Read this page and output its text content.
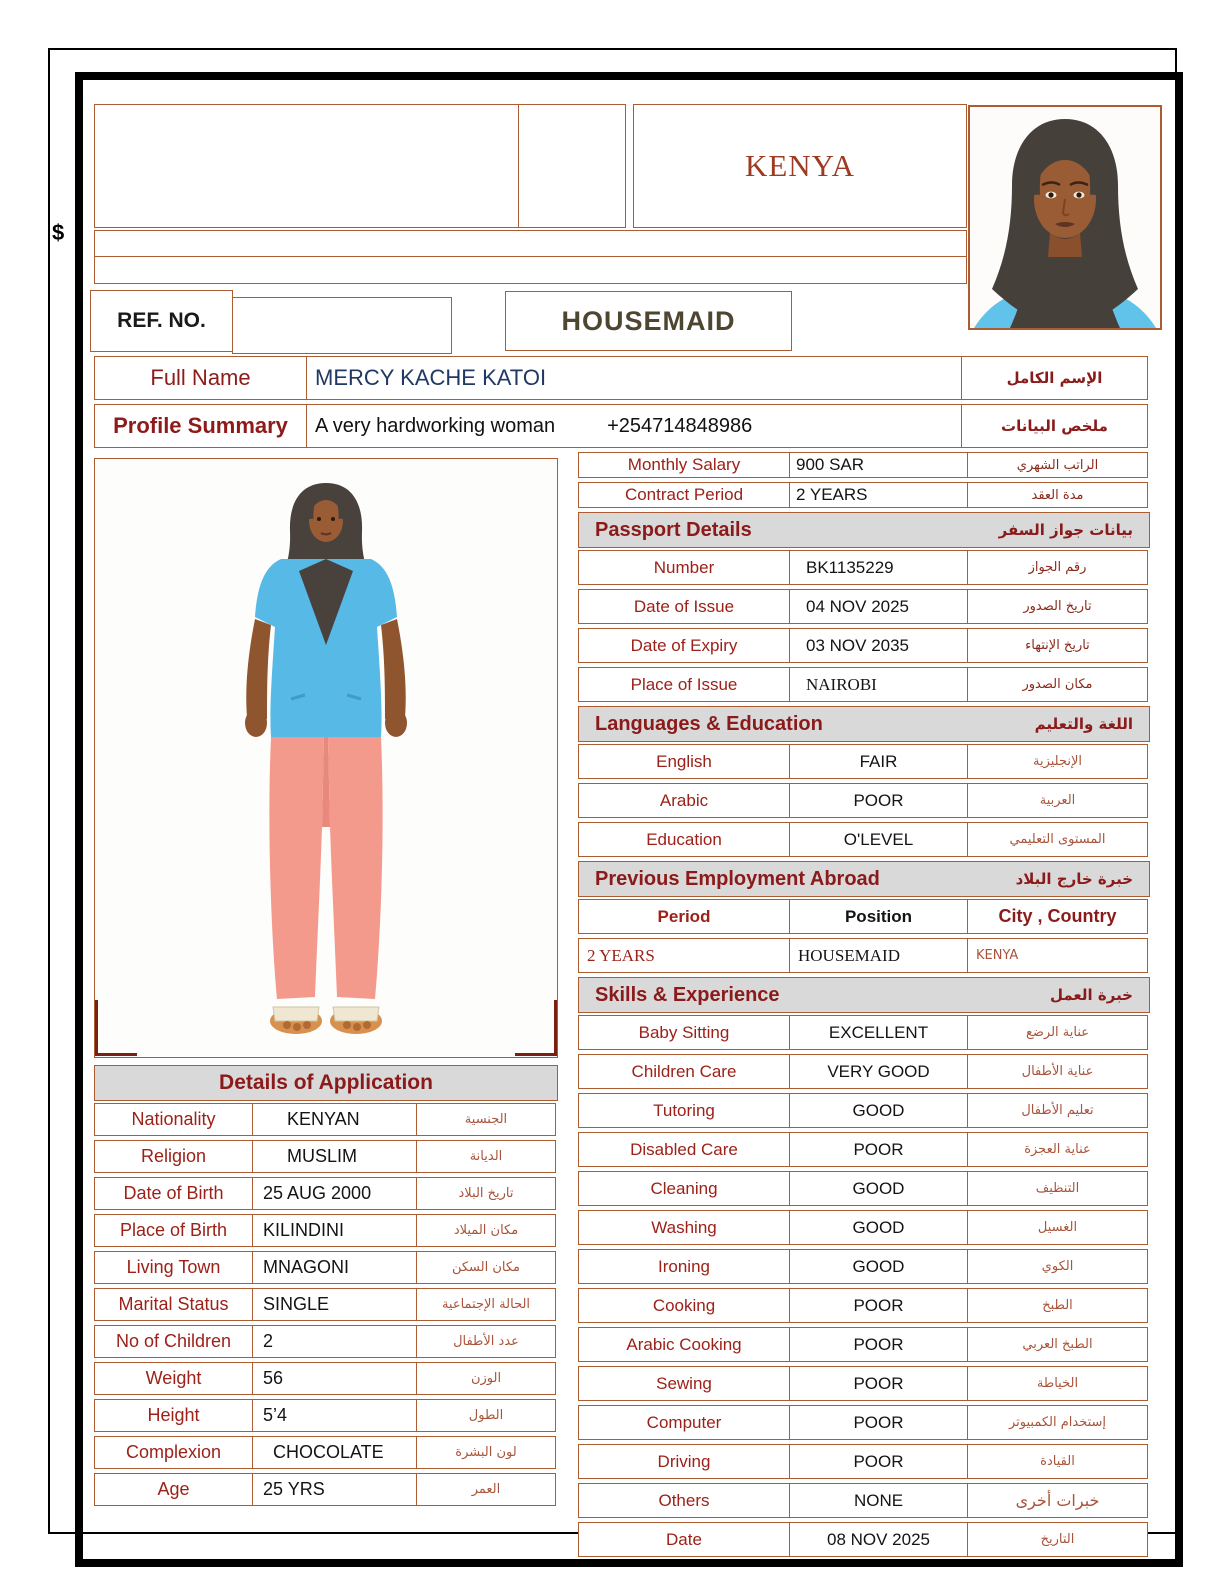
$
KENYA
REF. NO.	HOUSEMAID
Full Name	MERCY KACHE KATOI	الإسم الكامل
Profile Summary	A very hardworking woman	+254714848986	ملخص البيانات
Details of Application
Nationality	KENYAN	الجنسية
Religion	MUSLIM	الديانة
Date of Birth	25 AUG 2000	تاريخ البلاد
Place of Birth	KILINDINI	مكان الميلاد
Living Town	MNAGONI	مكان السكن
Marital Status	SINGLE	الحالة الإجتماعية
No of Children	2	عدد الأطفال
Weight	56	الوزن
Height	5’4	الطول
Complexion	CHOCOLATE	لون البشرة
Age	25 YRS	العمر
Monthly Salary	900 SAR	الراتب الشهري
Contract Period	2 YEARS	مدة العقد
Passport Details	بيانات جواز السفر
Number	BK1135229	رقم الجواز
Date of Issue	04 NOV 2025	تاريخ الصدور
Date of Expiry	03 NOV 2035	تاريخ الإنتهاء
Place of Issue	NAIROBI	مكان الصدور
Languages & Education	اللغة والتعليم
English	FAIR	الإنجليزية
Arabic	POOR	العربية
Education	O'LEVEL	المستوى التعليمي
Previous Employment Abroad	خبرة خارج البلاد
Period	Position	City , Country
2 YEARS	HOUSEMAID	KENYA
Skills & Experience	خبرة العمل
Baby Sitting	EXCELLENT	عناية الرضع
Children Care	VERY GOOD	عناية الأطفال
Tutoring	GOOD	تعليم الأطفال
Disabled Care	POOR	عناية العجزة
Cleaning	GOOD	التنظيف
Washing	GOOD	الغسيل
Ironing	GOOD	الكوي
Cooking	POOR	الطبخ
Arabic Cooking	POOR	الطبخ العربي
Sewing	POOR	الخياطة
Computer	POOR	إستخدام الكمبيوتر
Driving	POOR	القيادة
Others	NONE	خبرات أخرى
Date	08 NOV 2025	التاريخ
